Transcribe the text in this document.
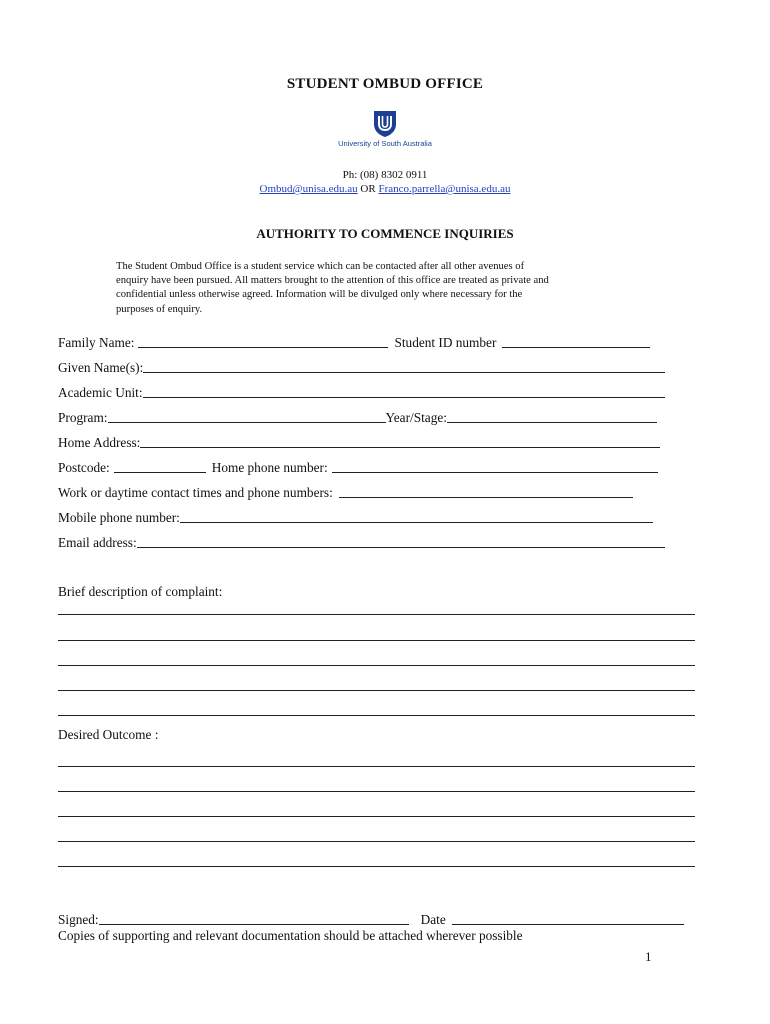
STUDENT OMBUD OFFICE
University of South Australia
Ph: (08) 8302 0911
Ombud@unisa.edu.au OR Franco.parrella@unisa.edu.au
AUTHORITY TO COMMENCE INQUIRIES
The Student Ombud Office is a student service which can be contacted after all other avenues of
enquiry have been pursued. All matters brought to the attention of this office are treated as private and
confidential unless otherwise agreed. Information will be divulged only where necessary for the
purposes of enquiry.
Family Name:	Student ID number
Given Name(s):
Academic Unit:
Program:	Year/Stage:
Home Address:
Postcode:	Home phone number:
Work or daytime contact times and phone numbers:
Mobile phone number:
Email address:
Brief description of complaint:
Desired Outcome :
Signed:	Date
Copies of supporting and relevant documentation should be attached wherever possible
1
